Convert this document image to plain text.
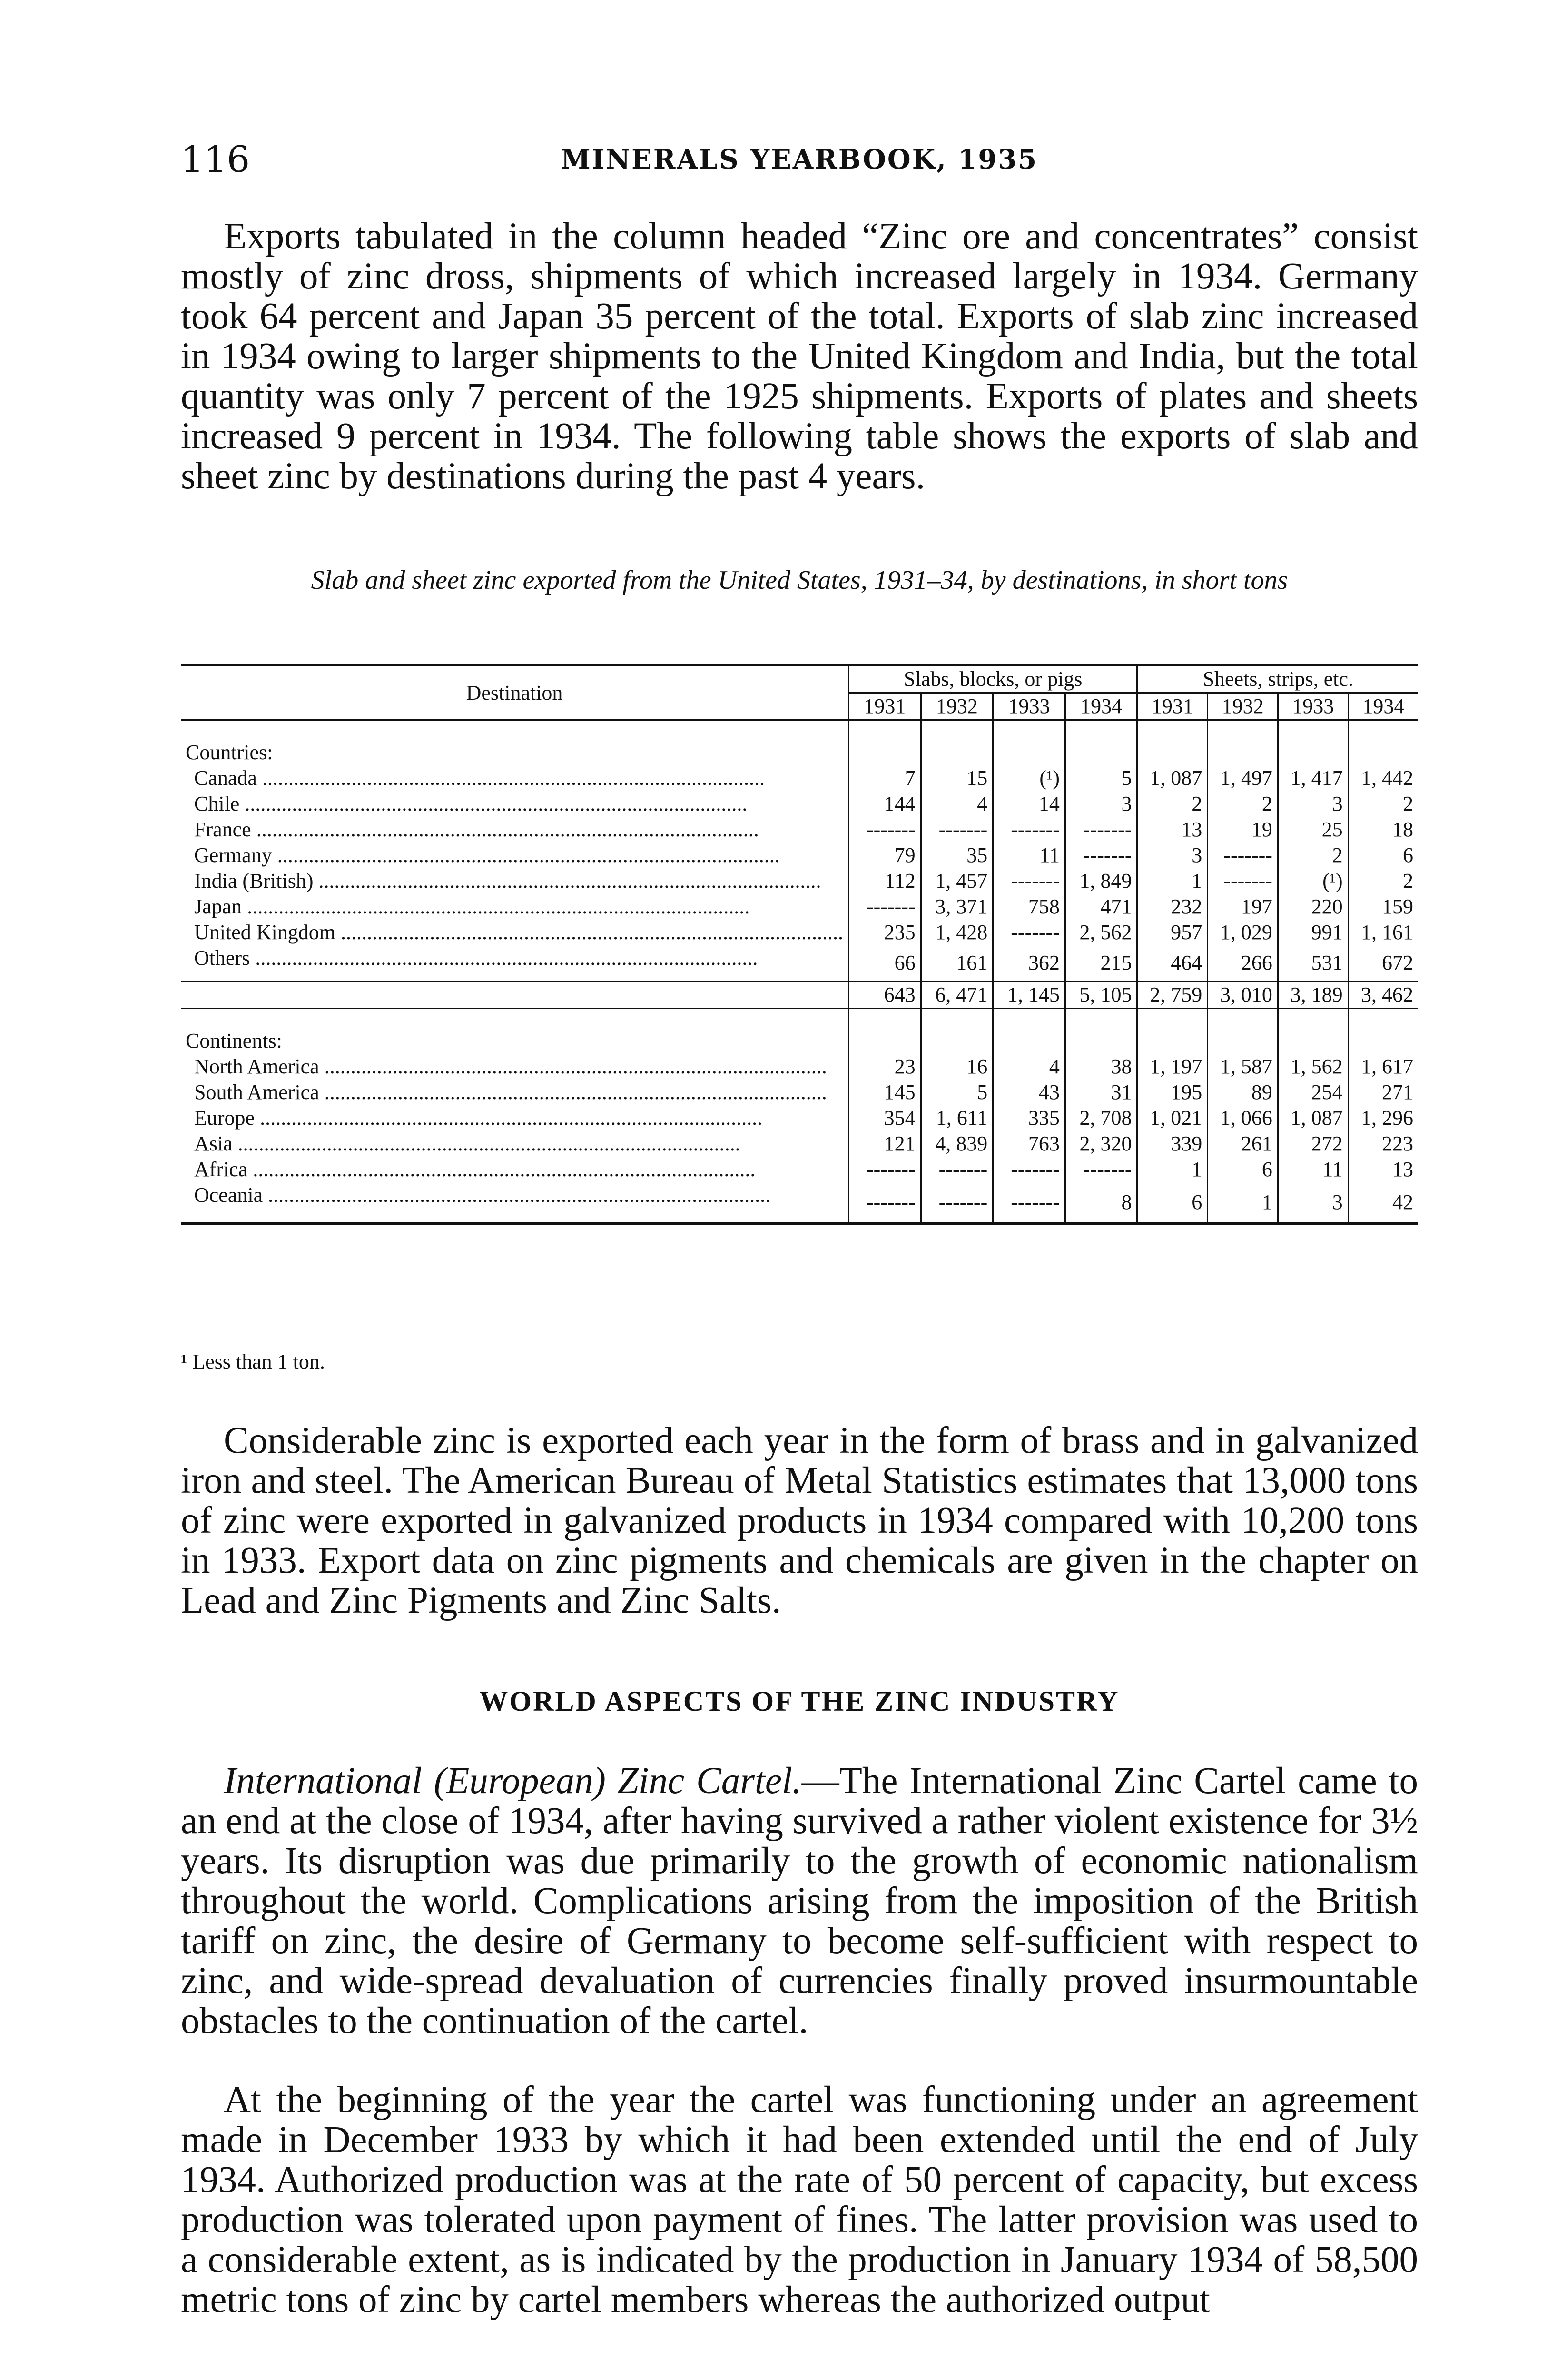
116	MINERALS YEARBOOK, 1935

Exports tabulated in the column headed “Zinc ore and concentrates” consist mostly of zinc dross, shipments of which increased largely in 1934. Germany took 64 percent and Japan 35 percent of the total. Exports of slab zinc increased in 1934 owing to larger shipments to the United Kingdom and India, but the total quantity was only 7 percent of the 1925 shipments. Exports of plates and sheets increased 9 percent in 1934. The following table shows the exports of slab and sheet zinc by destinations during the past 4 years.

Slab and sheet zinc exported from the United States, 1931–34, by destinations, in short tons
Destination	Slabs, blocks, or pigs				Sheets, strips, etc.			
	1931	1932	1933	1934	1931	1932	1933	1934
Countries:								
Canada .....	7	15	(¹)	5	1, 087	1, 497	1, 417	1, 442
Chile .....	144	4	14	3	2	2	3	2
France .....	-------	-------	-------	-------	13	19	25	18
Germany .....	79	35	11	-------	3	-------	2	6
India (British) .....	112	1, 457	-------	1, 849	1	-------	(¹)	2
Japan .....	-------	3, 371	758	471	232	197	220	159
United Kingdom .....	235	1, 428	-------	2, 562	957	1, 029	991	1, 161
Others .....	66	161	362	215	464	266	531	672
	643	6, 471	1, 145	5, 105	2, 759	3, 010	3, 189	3, 462
Continents:								
North America .....	23	16	4	38	1, 197	1, 587	1, 562	1, 617
South America .....	145	5	43	31	195	89	254	271
Europe .....	354	1, 611	335	2, 708	1, 021	1, 066	1, 087	1, 296
Asia .....	121	4, 839	763	2, 320	339	261	272	223
Africa .....	-------	-------	-------	-------	1	6	11	13
Oceania .....	-------	-------	-------	8	6	1	3	42
¹ Less than 1 ton.

Considerable zinc is exported each year in the form of brass and in galvanized iron and steel. The American Bureau of Metal Statistics estimates that 13,000 tons of zinc were exported in galvanized products in 1934 compared with 10,200 tons in 1933. Export data on zinc pigments and chemicals are given in the chapter on Lead and Zinc Pigments and Zinc Salts.

WORLD ASPECTS OF THE ZINC INDUSTRY

International (European) Zinc Cartel.—The International Zinc Cartel came to an end at the close of 1934, after having survived a rather violent existence for 3½ years. Its disruption was due primarily to the growth of economic nationalism throughout the world. Complications arising from the imposition of the British tariff on zinc, the desire of Germany to become self-sufficient with respect to zinc, and wide-spread devaluation of currencies finally proved insurmountable obstacles to the continuation of the cartel.

At the beginning of the year the cartel was functioning under an agreement made in December 1933 by which it had been extended until the end of July 1934. Authorized production was at the rate of 50 percent of capacity, but excess production was tolerated upon payment of fines. The latter provision was used to a considerable extent, as is indicated by the production in January 1934 of 58,500 metric tons of zinc by cartel members whereas the authorized output
